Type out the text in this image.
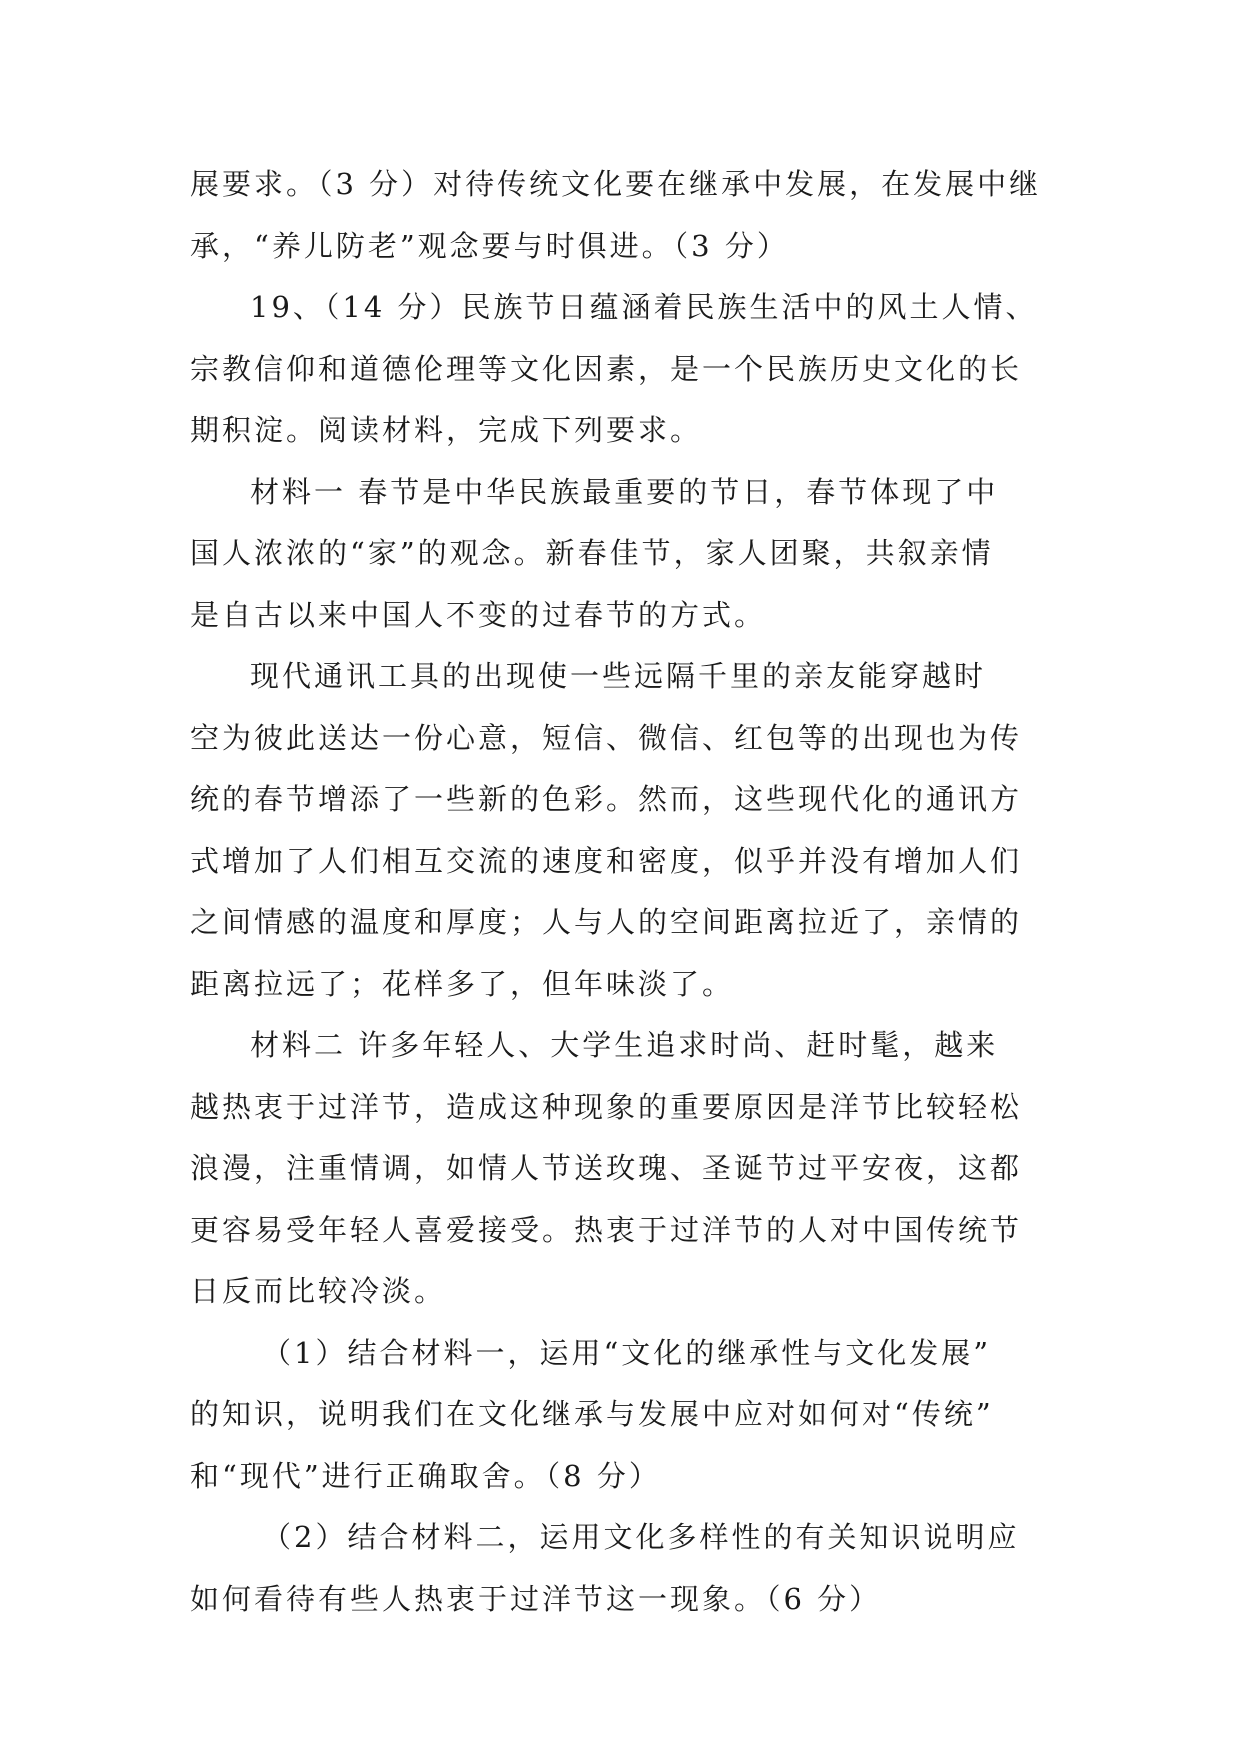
展要求。（3 分）对待传统文化要在继承中发展，在发展中继
承，“养儿防老”观念要与时俱进。（3 分）

19、（14 分）民族节日蕴涵着民族生活中的风土人情、
宗教信仰和道德伦理等文化因素，是一个民族历史文化的长
期积淀。阅读材料，完成下列要求。

材料一 春节是中华民族最重要的节日，春节体现了中
国人浓浓的“家”的观念。新春佳节，家人团聚，共叙亲情
是自古以来中国人不变的过春节的方式。

现代通讯工具的出现使一些远隔千里的亲友能穿越时
空为彼此送达一份心意，短信、微信、红包等的出现也为传
统的春节增添了一些新的色彩。然而，这些现代化的通讯方
式增加了人们相互交流的速度和密度，似乎并没有增加人们
之间情感的温度和厚度；人与人的空间距离拉近了，亲情的
距离拉远了；花样多了，但年味淡了。

材料二 许多年轻人、大学生追求时尚、赶时髦，越来
越热衷于过洋节，造成这种现象的重要原因是洋节比较轻松
浪漫，注重情调，如情人节送玫瑰、圣诞节过平安夜，这都
更容易受年轻人喜爱接受。热衷于过洋节的人对中国传统节
日反而比较冷淡。

（1）结合材料一，运用“文化的继承性与文化发展”
的知识，说明我们在文化继承与发展中应对如何对“传统”
和“现代”进行正确取舍。（8 分）

（2）结合材料二，运用文化多样性的有关知识说明应
如何看待有些人热衷于过洋节这一现象。（6 分）
